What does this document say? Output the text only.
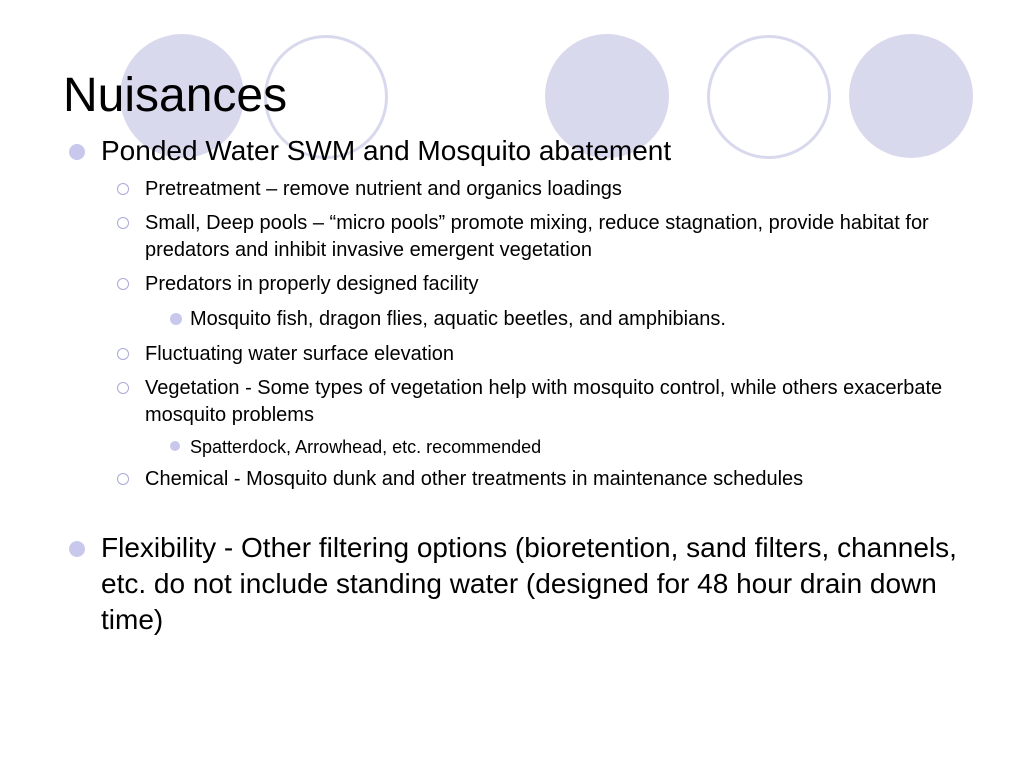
Nuisances
Ponded Water SWM and Mosquito abatement
Pretreatment – remove nutrient and organics loadings
Small, Deep pools – “micro pools” promote mixing, reduce stagnation, provide habitat for predators and inhibit invasive emergent vegetation
Predators in properly designed facility
Mosquito fish, dragon flies, aquatic beetles, and amphibians.
Fluctuating water surface elevation
Vegetation - Some types of vegetation help with mosquito control, while others exacerbate mosquito problems
Spatterdock, Arrowhead, etc. recommended
Chemical - Mosquito dunk and other treatments in maintenance schedules
Flexibility - Other filtering options (bioretention, sand filters, channels, etc. do not include standing water (designed for 48 hour drain down time)
